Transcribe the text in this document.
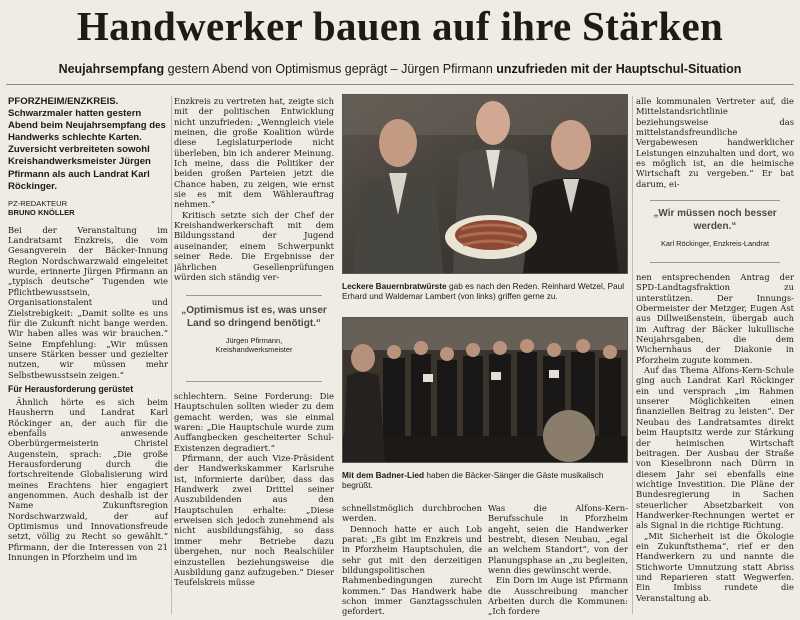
Handwerker bauen auf ihre Stärken
Neujahrsempfang gestern Abend von Optimismus geprägt – Jürgen Pfirmann unzufrieden mit der Hauptschul-Situation
PFORZHEIM/ENZKREIS.
Schwarzmaler hatten gestern Abend beim Neujahrsempfang des Handwerks schlechte Karten. Zuversicht verbreiteten sowohl Kreishandwerksmeister Jürgen Pfirmann als auch Landrat Karl Röckinger.
PZ-REDAKTEUR
BRUNO KNÖLLER

Bei der Veranstaltung im Landratsamt Enzkreis, die vom Gesangverein der Bäcker-Innung Region Nordschwarzwald eingeleitet wurde, erinnerte Jürgen Pfirmann an „typisch deutsche“ Tugenden wie Pflichtbewusstsein, Organisationstalent und Zielstrebigkeit: „Damit sollte es uns für die Zukunft nicht bange werden. Wir haben alles was wir brauchen.“ Seine Empfehlung: „Wir müssen unsere Stärken besser und gezielter nutzen, wir müssen mehr Selbstbewusstsein zeigen.“

Für Herausforderung gerüstet

Ähnlich hörte es sich beim Hausherrn und Landrat Karl Röckinger an, der auch für die ebenfalls anwesende Oberbürgermeisterin Christel Augenstein, sprach: „Die große Herausforderung durch die fortschreitende Globalisierung wird meines Erachtens hier engagiert angenommen. Auch deshalb ist der Name Zukunftsregion Nordschwarzwald, der auf Optimismus und Innovationsfreude setzt, völlig zu Recht so gewählt.“ Pfirmann, der die Interessen von 21 Innungen in Pforzheim und im

Enzkreis zu vertreten hat, zeigte sich mit der politischen Entwicklung nicht unzufrieden: „Wenngleich viele meinen, die große Koalition würde diese Legislaturperiode nicht überleben, bin ich anderer Meinung. Ich meine, dass die Politiker der beiden großen Parteien jetzt die Chance haben, zu zeigen, wie ernst sie es mit dem Wählerauftrag nehmen.“

Kritisch setzte sich der Chef der Kreishandwerkerschaft mit dem Bildungsstand der Jugend auseinander, einem Schwerpunkt seiner Rede. Die Ergebnisse der jährlichen Gesellenprüfungen würden sich ständig ver-

„Optimismus ist es, was unser Land so dringend benötigt.“
Jürgen Pfirmann,
Kreishandwerksmeister

schlechtern. Seine Forderung: Die Hauptschulen sollten wieder zu dem gemacht werden, was sie einmal waren: „Die Hauptschule wurde zum Auffangbecken gescheiterter Schul-Existenzen degradiert.“

Pfirmann, der auch Vize-Präsident der Handwerkskammer Karlsruhe ist, informierte darüber, dass das Handwerk zwei Drittel seiner Auszubildenden aus den Hauptschulen erhalte: „Diese erweisen sich jedoch zunehmend als nicht ausbildungsfähig, so dass immer mehr Betriebe dazu übergehen, nur noch Realschüler einzustellen beziehungsweise die Ausbildung ganz aufzugeben.“ Dieser Teufelskreis müsse

Leckere Bauernbratwürste gab es nach den Reden. Reinhard Wetzel, Paul Erhard und Waldemar Lambert (von links) griffen gerne zu.
Mit dem Badner-Lied haben die Bäcker-Sänger die Gäste musikalisch begrüßt.

schnellstmöglich durchbrochen werden.

Dennoch hatte er auch Lob parat: „Es gibt im Enzkreis und in Pforzheim Hauptschulen, die sehr gut mit den derzeitigen bildungspolitischen Rahmenbedingungen zurecht kommen.“ Das Handwerk habe schon immer Ganztagsschulen gefordert.

Was die Alfons-Kern-Berufsschule in Pforzheim angeht, seien die Handwerker bestrebt, diesen Neubau, „egal an welchem Standort“, von der Planungsphase an „zu begleiten, wenn dies gewünscht werde.

Ein Dorn im Auge ist Pfirmann die Ausschreibung mancher Arbeiten durch die Kommunen: „Ich fordere

alle kommunalen Vertreter auf, die Mittelstandsrichtlinie beziehungsweise das mittelstandsfreundliche Vergabewesen handwerklicher Leistungen einzuhalten und dort, wo es möglich ist, an die heimische Wirtschaft zu vergeben.“ Er bat darum, ei-

„Wir müssen noch besser werden.“
Karl Röckinger, Enzkreis-Landrat

nen entsprechenden Antrag der SPD-Landtagsfraktion zu unterstützen. Der Innungs-Obermeister der Metzger, Eugen Ast aus Dillweißenstein, übergab auch im Auftrag der Bäcker lukullische Neujahrsgaben, die dem Wichernhaus der Diakonie in Pforzheim zugute kommen.

Auf das Thema Alfons-Kern-Schule ging auch Landrat Karl Röckinger ein und versprach „im Rahmen unserer Möglichkeiten einen finanziellen Beitrag zu leisten“. Der Neubau des Landratsamtes direkt beim Hauptsitz werde zur Stärkung der heimischen Wirtschaft beitragen. Der Ausbau der Straße von Kieselbronn nach Dürrn in diesem Jahr sei ebenfalls eine wichtige Investition. Die Pläne der Bundesregierung in Sachen steuerlicher Absetzbarkeit von Handwerker-Rechnungen wertet er als Signal in die richtige Richtung.

„Mit Sicherheit ist die Ökologie ein Zukunftsthema“, rief er den Handwerkern zu und nannte die Stichworte Umnutzung statt Abriss und Reparieren statt Wegwerfen. Ein Imbiss rundete die Veranstaltung ab.
